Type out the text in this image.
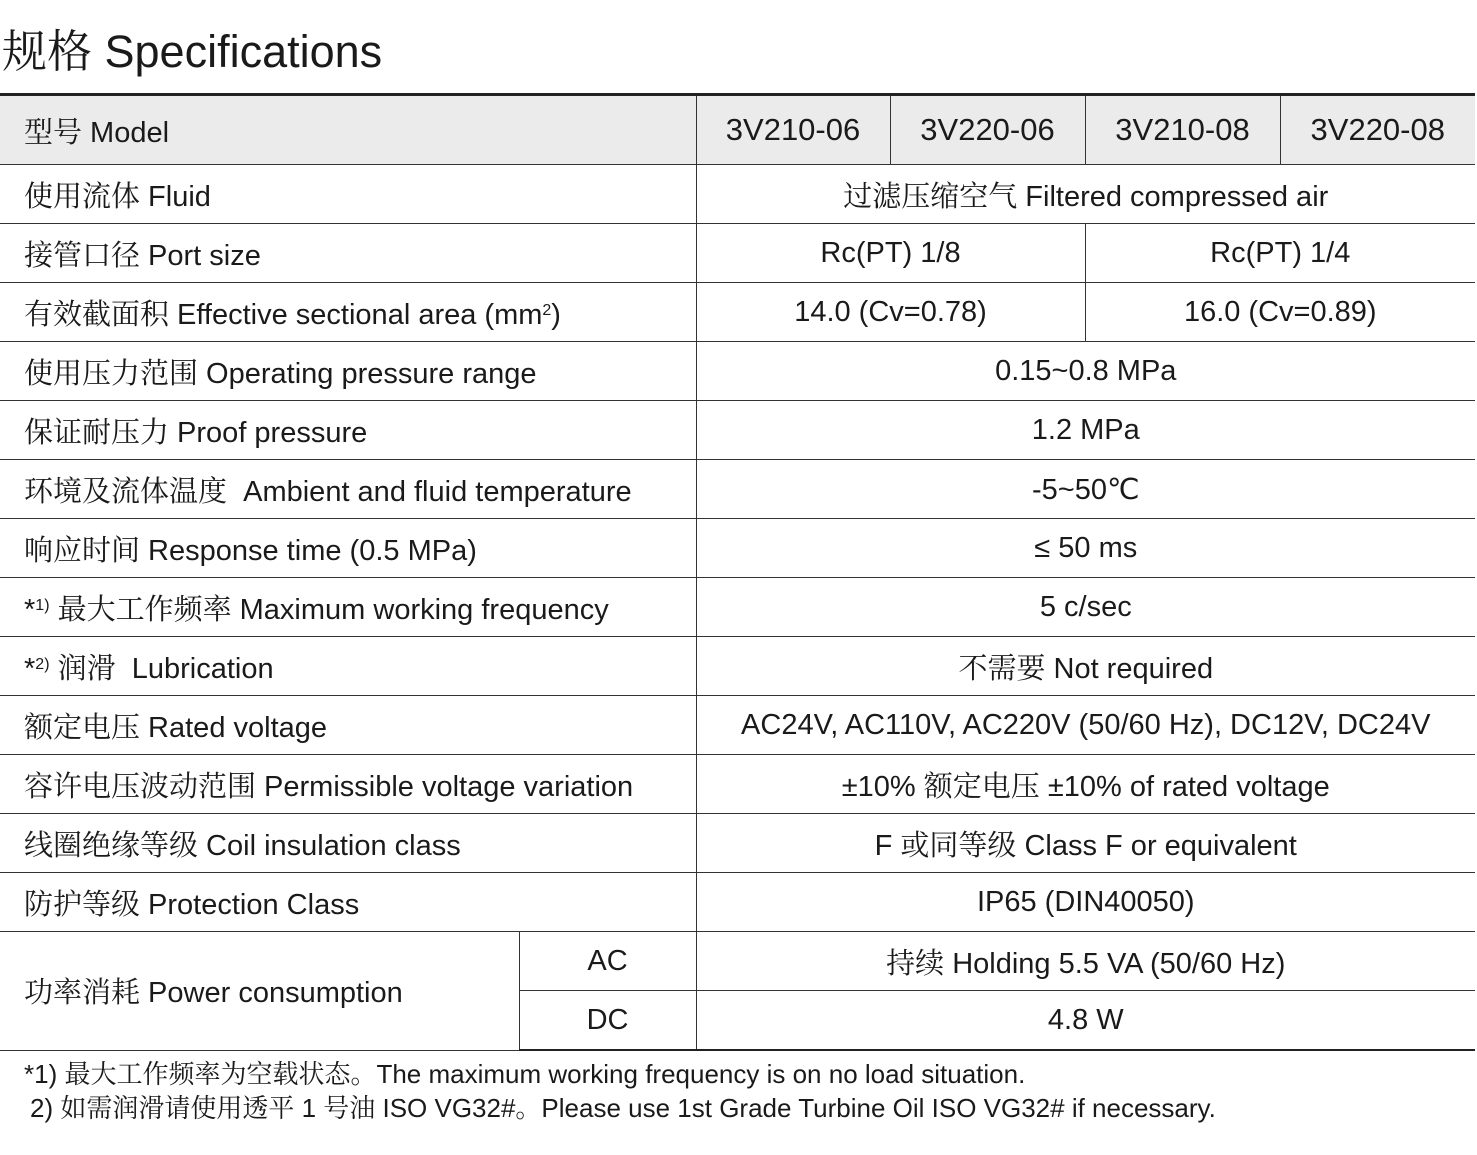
规格 Specifications
型号 Model		3V210-06	3V220-06	3V210-08	3V220-08
使用流体 Fluid		过滤压缩空气 Filtered compressed air			
接管口径 Port size		Rc(PT) 1/8		Rc(PT) 1/4	
有效截面积 Effective sectional area $(mm^2)$		14.0 (Cv=0.78)		16.0 (Cv=0.89)	
使用压力范围 Operating pressure range		0.15~0.8 MPa			
保证耐压力 Proof pressure		1.2 MPa			
环境及流体温度  Ambient and fluid temperature		-5~50℃			
响应时间 Response time (0.5 MPa)		≤ 50 ms			
*$^{1)}$ 最大工作频率 Maximum working frequency		5 c/sec			
*$^{2)}$ 润滑  Lubrication		不需要 Not required			
额定电压 Rated voltage		AC24V, AC110V, AC220V (50/60 Hz), DC12V, DC24V			
容许电压波动范围 Permissible voltage variation		±10% 额定电压 ±10% of rated voltage			
线圈绝缘等级 Coil insulation class		F 或同等级 Class F or equivalent			
防护等级 Protection Class		IP65 (DIN40050)			
功率消耗 Power consumption	AC	持续 Holding 5.5 VA (50/60 Hz)			
	DC	4.8 W			
*1) 最大工作频率为空载状态。The maximum working frequency is on no load situation.
2) 如需润滑请使用透平 1 号油 ISO VG32#。Please use 1st Grade Turbine Oil ISO VG32# if necessary.
